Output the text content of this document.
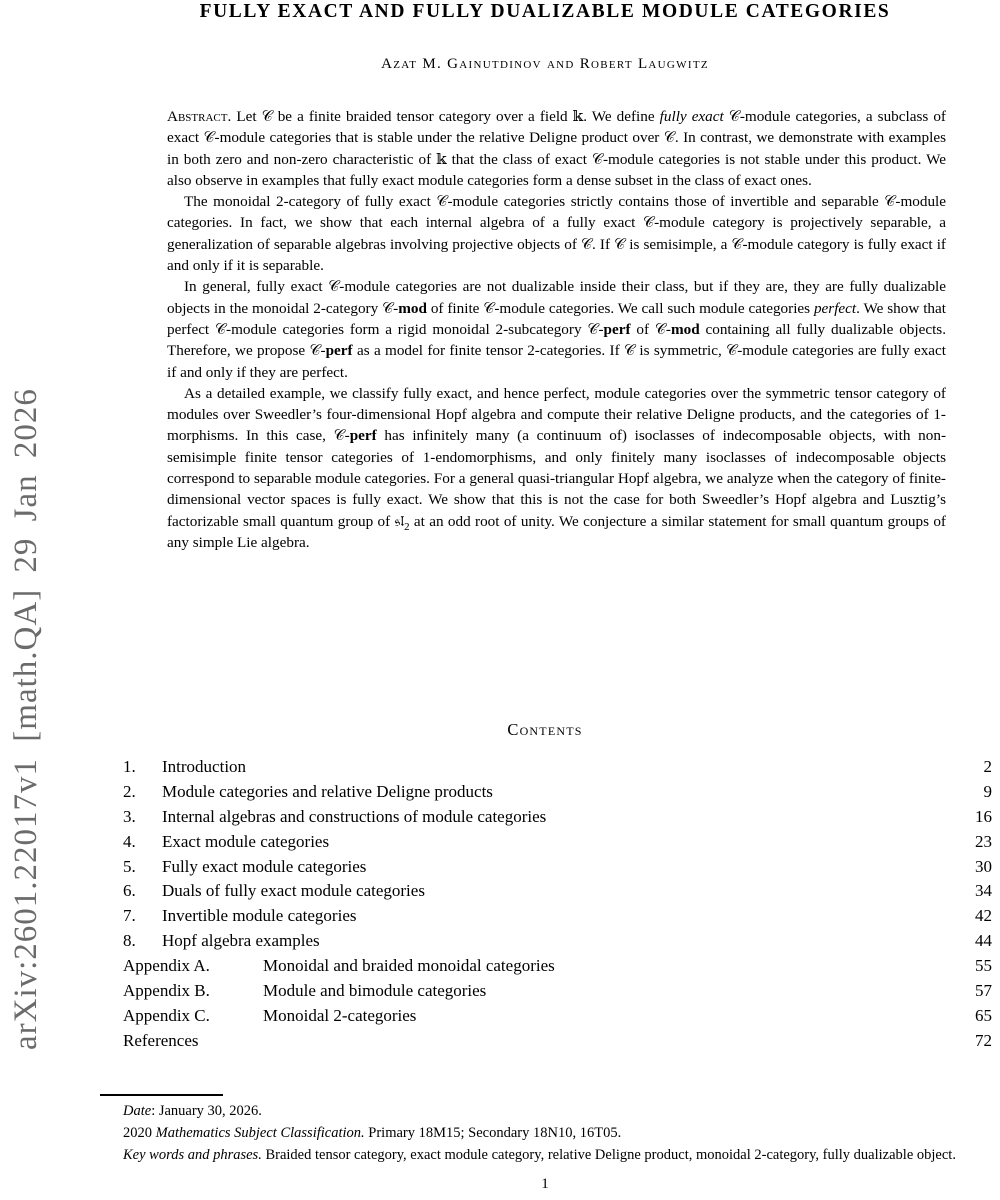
arXiv:2601.22017v1 [math.QA] 29 Jan 2026
FULLY EXACT AND FULLY DUALIZABLE MODULE CATEGORIES
Azat M. Gainutdinov and Robert Laugwitz

Abstract. Let 𝒞 be a finite braided tensor category over a field 𝕜. We define fully exact 𝒞-module categories, a subclass of exact 𝒞-module categories that is stable under the relative Deligne product over 𝒞. In contrast, we demonstrate with examples in both zero and non-zero characteristic of 𝕜 that the class of exact 𝒞-module categories is not stable under this product. We also observe in examples that fully exact module categories form a dense subset in the class of exact ones.

The monoidal 2-category of fully exact 𝒞-module categories strictly contains those of invertible and separable 𝒞-module categories. In fact, we show that each internal algebra of a fully exact 𝒞-module category is projectively separable, a generalization of separable algebras involving projective objects of 𝒞. If 𝒞 is semisimple, a 𝒞-module category is fully exact if and only if it is separable.

In general, fully exact 𝒞-module categories are not dualizable inside their class, but if they are, they are fully dualizable objects in the monoidal 2-category 𝒞-mod of finite 𝒞-module categories. We call such module categories perfect. We show that perfect 𝒞-module categories form a rigid monoidal 2-subcategory 𝒞-perf of 𝒞-mod containing all fully dualizable objects. Therefore, we propose 𝒞-perf as a model for finite tensor 2-categories. If 𝒞 is symmetric, 𝒞-module categories are fully exact if and only if they are perfect.

As a detailed example, we classify fully exact, and hence perfect, module categories over the symmetric tensor category of modules over Sweedler’s four-dimensional Hopf algebra and compute their relative Deligne products, and the categories of 1-morphisms. In this case, 𝒞-perf has infinitely many (a continuum of) isoclasses of indecomposable objects, with non-semisimple finite tensor categories of 1-endomorphisms, and only finitely many isoclasses of indecomposable objects correspond to separable module categories. For a general quasi-triangular Hopf algebra, we analyze when the category of finite-dimensional vector spaces is fully exact. We show that this is not the case for both Sweedler’s Hopf algebra and Lusztig’s factorizable small quantum group of 𝔰𝔩$_2$ at an odd root of unity. We conjecture a similar statement for small quantum groups of any simple Lie algebra.

Contents
1.	Introduction	2
2.	Module categories and relative Deligne products	9
3.	Internal algebras and constructions of module categories	16
4.	Exact module categories	23
5.	Fully exact module categories	30
6.	Duals of fully exact module categories	34
7.	Invertible module categories	42
8.	Hopf algebra examples	44
Appendix A.	Monoidal and braided monoidal categories	55
Appendix B.	Module and bimodule categories	57
Appendix C.	Monoidal 2-categories	65
References	72

Date: January 30, 2026.

2020 Mathematics Subject Classification. Primary 18M15; Secondary 18N10, 16T05.

Key words and phrases. Braided tensor category, exact module category, relative Deligne product, monoidal 2-category, fully dualizable object.

1
